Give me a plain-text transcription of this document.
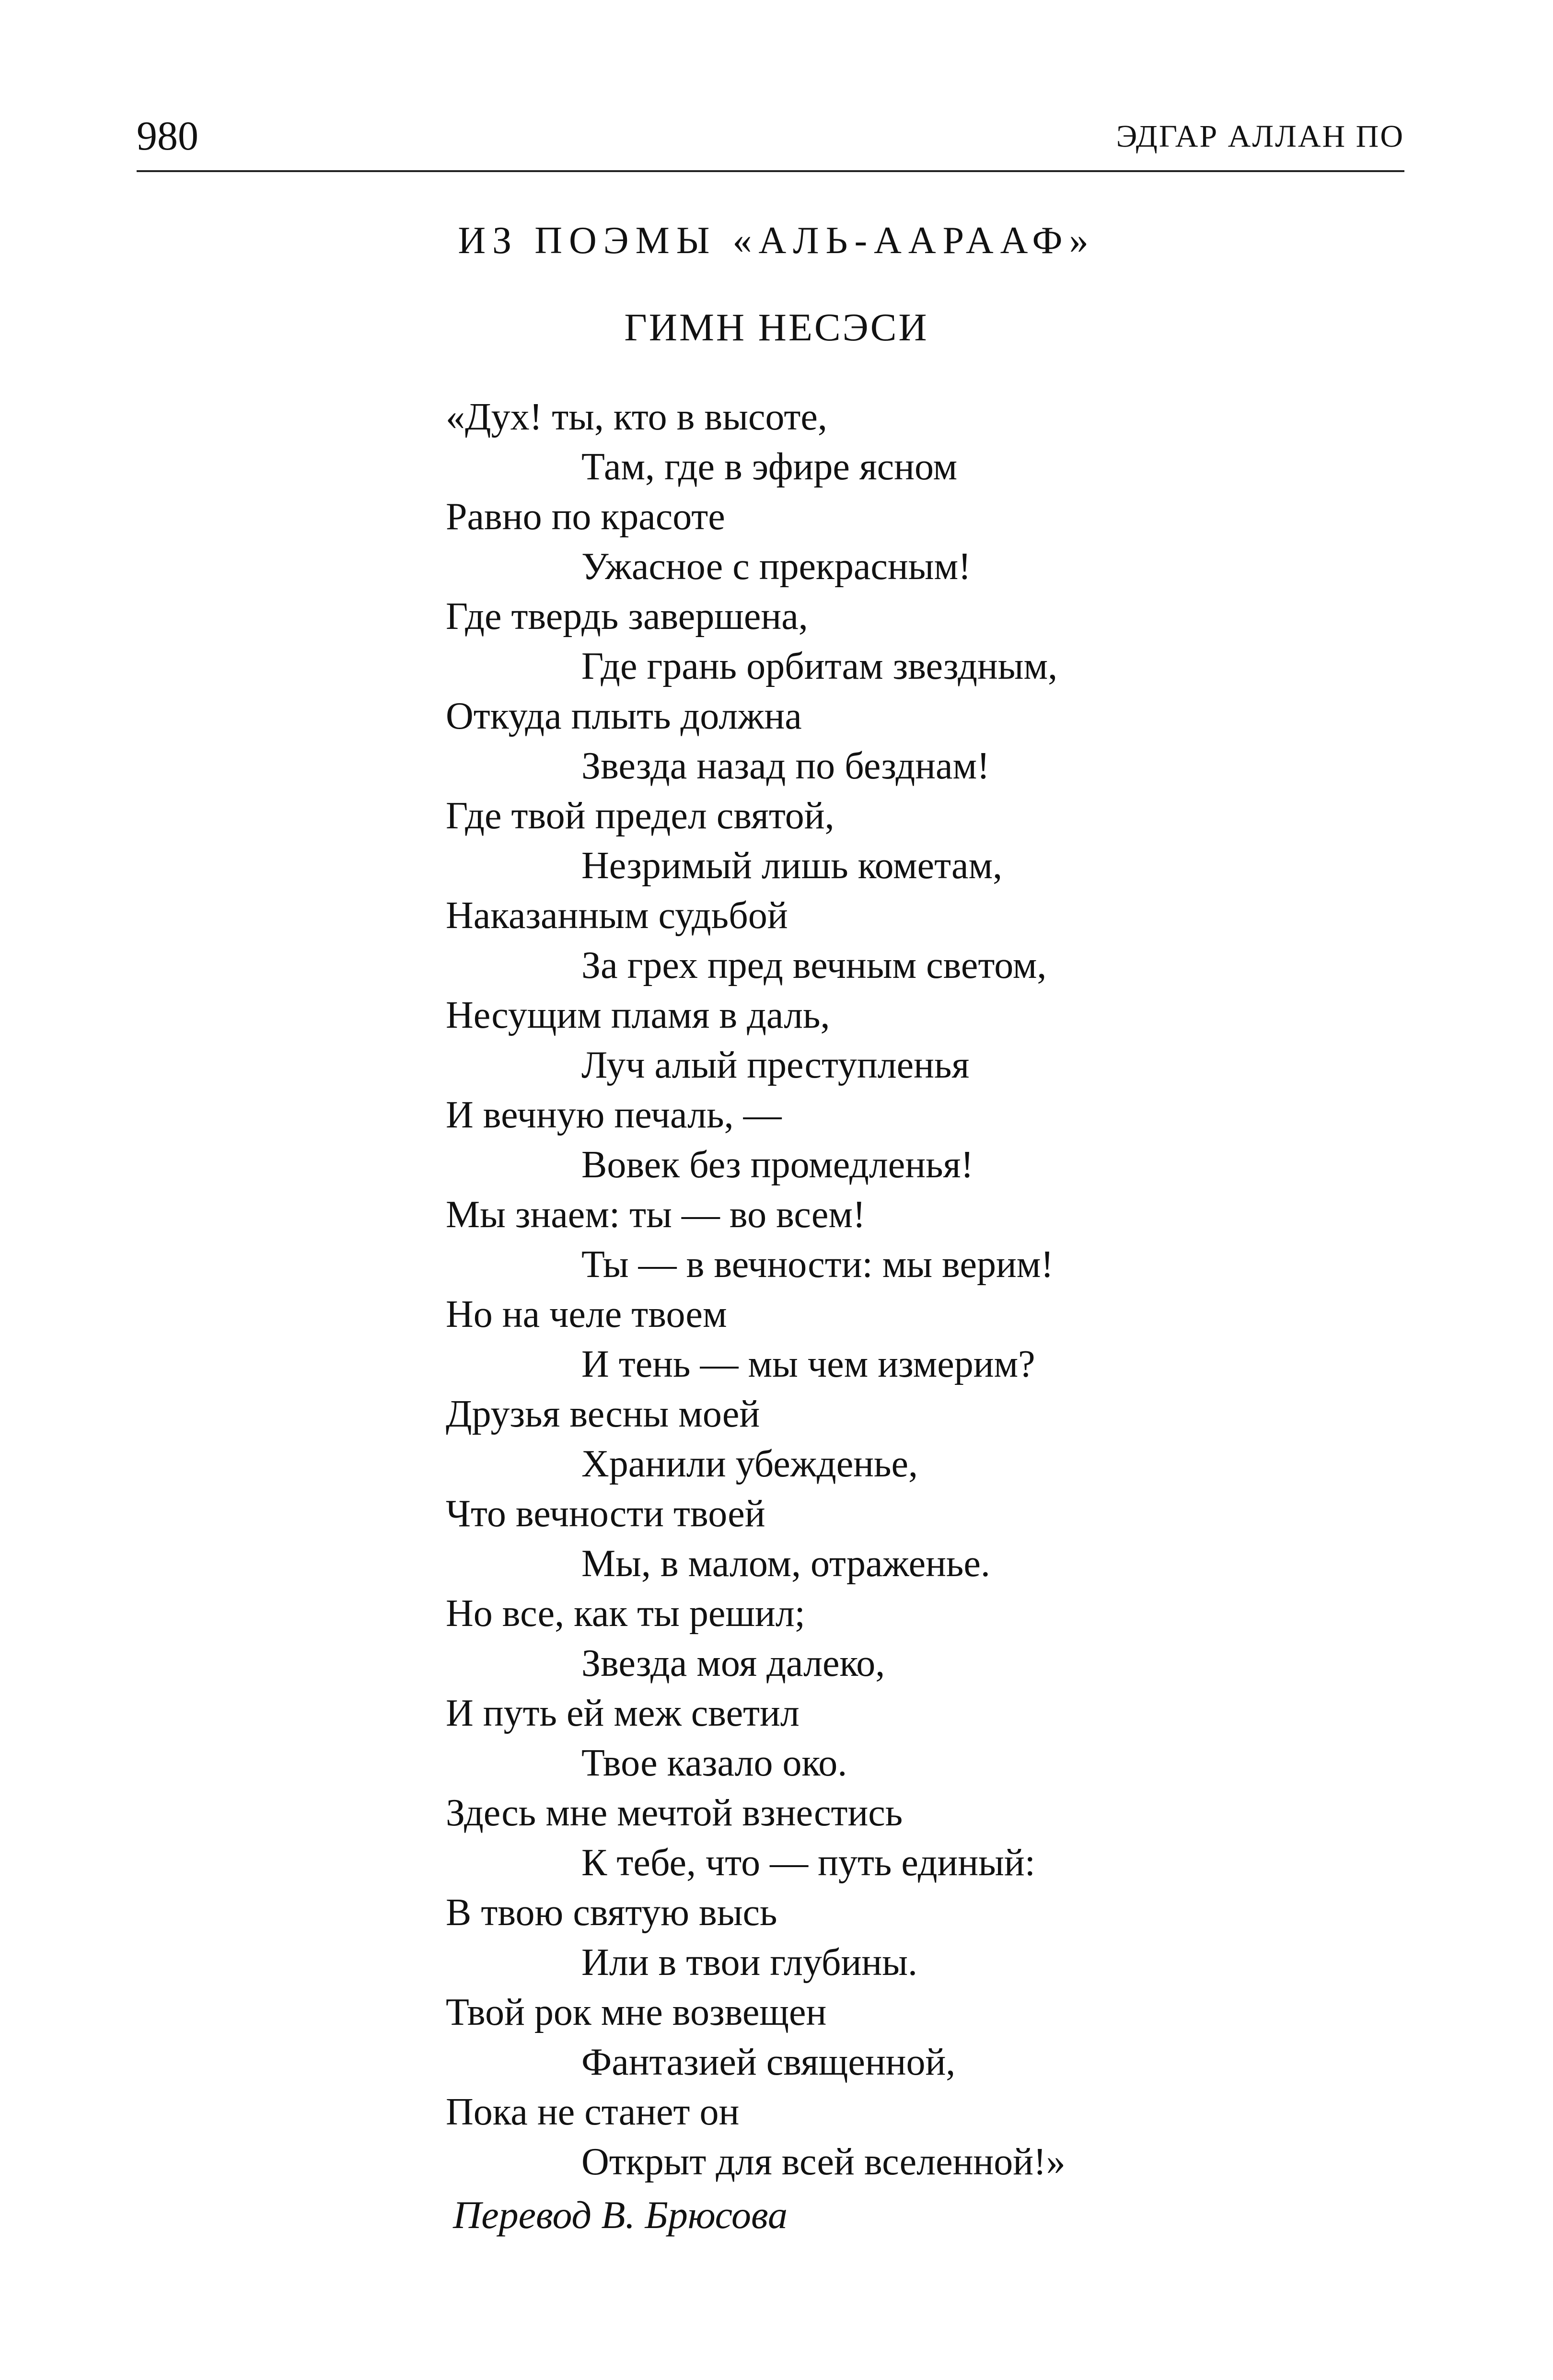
980	ЭДГАР АЛЛАН ПО
ИЗ ПОЭМЫ «АЛЬ-ААРААФ»
ГИМН НЕСЭСИ
«Дух! ты, кто в высоте,
Там, где в эфире ясном
Равно по красоте
Ужасное с прекрасным!
Где твердь завершена,
Где грань орбитам звездным,
Откуда плыть должна
Звезда назад по безднам!
Где твой предел святой,
Незримый лишь кометам,
Наказанным судьбой
За грех пред вечным светом,
Несущим пламя в даль,
Луч алый преступленья
И вечную печаль, —
Вовек без промедленья!
Мы знаем: ты — во всем!
Ты — в вечности: мы верим!
Но на челе твоем
И тень — мы чем измерим?
Друзья весны моей
Хранили убежденье,
Что вечности твоей
Мы, в малом, отраженье.
Но все, как ты решил;
Звезда моя далеко,
И путь ей меж светил
Твое казало око.
Здесь мне мечтой взнестись
К тебе, что — путь единый:
В твою святую высь
Или в твои глубины.
Твой рок мне возвещен
Фантазией священной,
Пока не станет он
Открыт для всей вселенной!»
Перевод В. Брюсова
